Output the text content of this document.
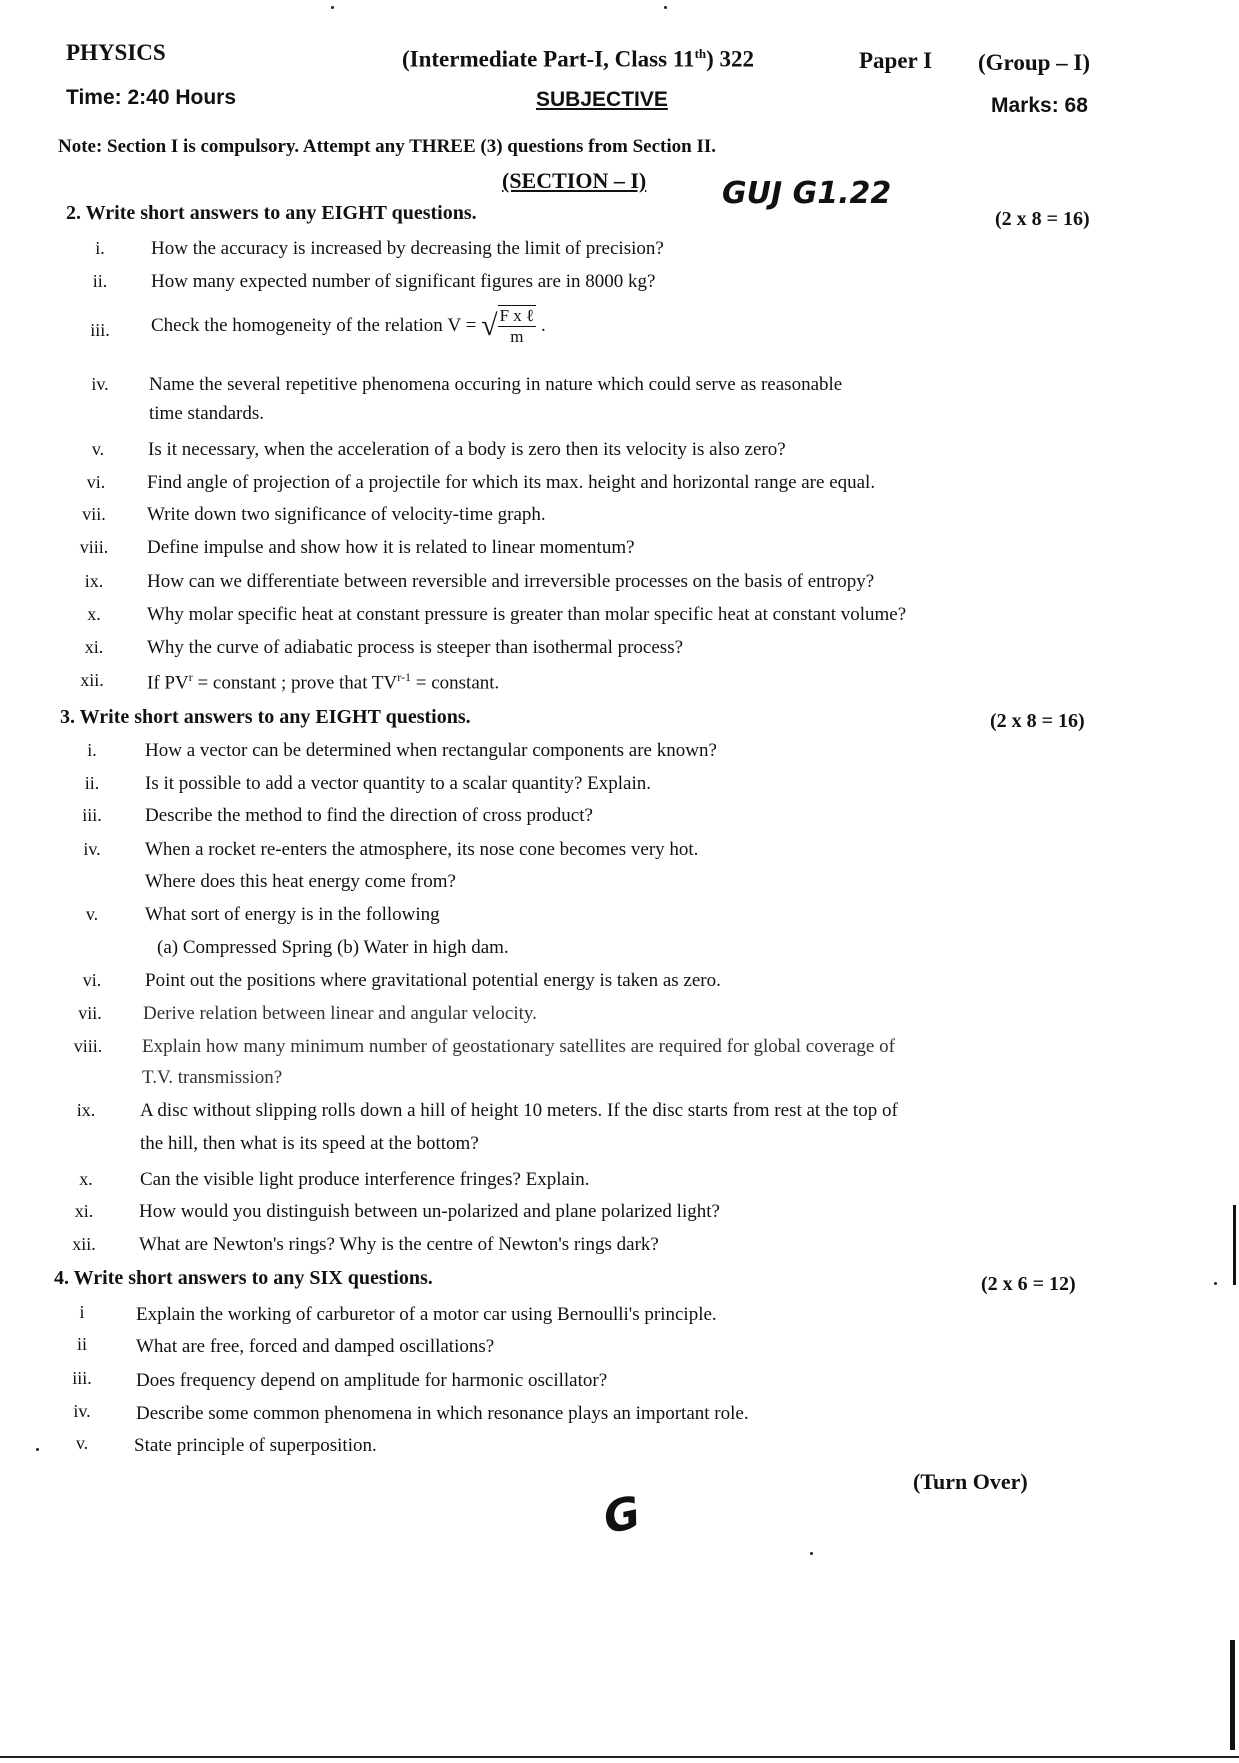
PHYSICS	(Intermediate Part-I, Class 11th) 322	Paper I (Group – I)
Time: 2:40 Hours	SUBJECTIVE	Marks: 68
Note: Section I is compulsory. Attempt any THREE (3) questions from Section II.
(SECTION – I)	GUJ G1.22
2. Write short answers to any EIGHT questions.	(2 x 8 = 16)
i.	How the accuracy is increased by decreasing the limit of precision?
ii.	How many expected number of significant figures are in 8000 kg?
iii.	Check the homogeneity of the relation V = √ $\frac{\text{F x ℓ}}{m}$ .
iv.	Name the several repetitive phenomena occuring in nature which could serve as reasonable
time standards.
v.	Is it necessary, when the acceleration of a body is zero then its velocity is also zero?
vi.	Find angle of projection of a projectile for which its max. height and horizontal range are equal.
vii.	Write down two significance of velocity-time graph.
viii.	Define impulse and show how it is related to linear momentum?
ix.	How can we differentiate between reversible and irreversible processes on the basis of entropy?
x.	Why molar specific heat at constant pressure is greater than molar specific heat at constant volume?
xi.	Why the curve of adiabatic process is steeper than isothermal process?
xii.	If $PV^r$ = constant ; prove that $TV^{r-1}$ = constant.
3. Write short answers to any EIGHT questions.	(2 x 8 = 16)
i.	How a vector can be determined when rectangular components are known?
ii.	Is it possible to add a vector quantity to a scalar quantity? Explain.
iii.	Describe the method to find the direction of cross product?
iv.	When a rocket re-enters the atmosphere, its nose cone becomes very hot.
Where does this heat energy come from?
v.	What sort of energy is in the following
(a) Compressed Spring (b) Water in high dam.
vi.	Point out the positions where gravitational potential energy is taken as zero.
vii.	Derive relation between linear and angular velocity.
viii.	Explain how many minimum number of geostationary satellites are required for global coverage of
T.V. transmission?
ix.	A disc without slipping rolls down a hill of height 10 meters. If the disc starts from rest at the top of
the hill, then what is its speed at the bottom?
x.	Can the visible light produce interference fringes? Explain.
xi.	How would you distinguish between un-polarized and plane polarized light?
xii.	What are Newton's rings? Why is the centre of Newton's rings dark?
4. Write short answers to any SIX questions.	(2 x 6 = 12)
i	Explain the working of carburetor of a motor car using Bernoulli's principle.
ii	What are free, forced and damped oscillations?
iii.	Does frequency depend on amplitude for harmonic oscillator?
iv.	Describe some common phenomena in which resonance plays an important role.
v.	State principle of superposition.
(Turn Over)
G
